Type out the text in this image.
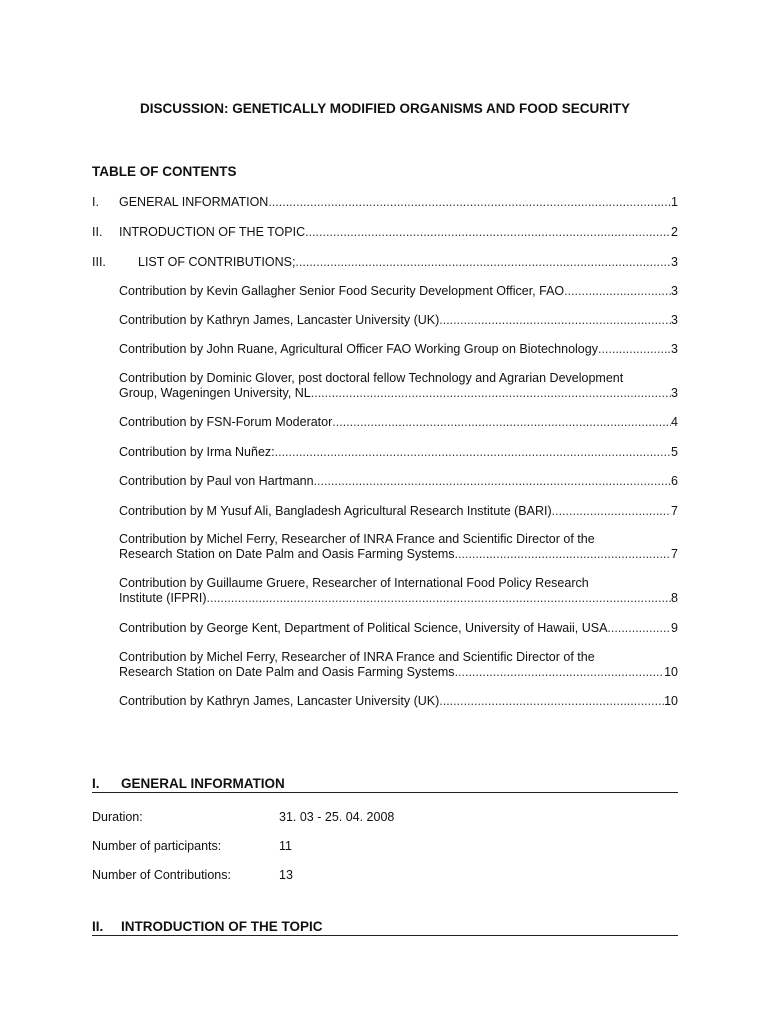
DISCUSSION: GENETICALLY MODIFIED ORGANISMS AND FOOD SECURITY
TABLE OF CONTENTS
I. GENERAL INFORMATION .....	1
II. INTRODUCTION OF THE TOPIC .....	2
III.	LIST OF CONTRIBUTIONS; .....	3
Contribution by Kevin Gallagher Senior Food Security Development Officer, FAO .....	3
Contribution by Kathryn James, Lancaster University (UK) .....	3
Contribution by John Ruane, Agricultural Officer FAO Working Group on Biotechnology .....	3
Contribution by Dominic Glover, post doctoral fellow Technology and Agrarian Development
Group, Wageningen University, NL .....	3
Contribution by FSN-Forum Moderator .....	4
Contribution by Irma Nuñez: .....	5
Contribution by Paul von Hartmann .....	6
Contribution by M Yusuf Ali, Bangladesh Agricultural Research Institute (BARI) .....	7
Contribution by Michel Ferry, Researcher of INRA France and Scientific Director of the
Research Station on Date Palm and Oasis Farming Systems .....	7
Contribution by Guillaume Gruere, Researcher of International Food Policy Research
Institute (IFPRI) .....	8
Contribution by George Kent, Department of Political Science, University of Hawaii, USA .....	9
Contribution by Michel Ferry, Researcher of INRA France and Scientific Director of the
Research Station on Date Palm and Oasis Farming Systems .....	10
Contribution by Kathryn James, Lancaster University (UK) .....	10
I. GENERAL INFORMATION
Duration:	31. 03 - 25. 04. 2008
Number of participants:	11
Number of Contributions:	13
II. INTRODUCTION OF THE TOPIC
